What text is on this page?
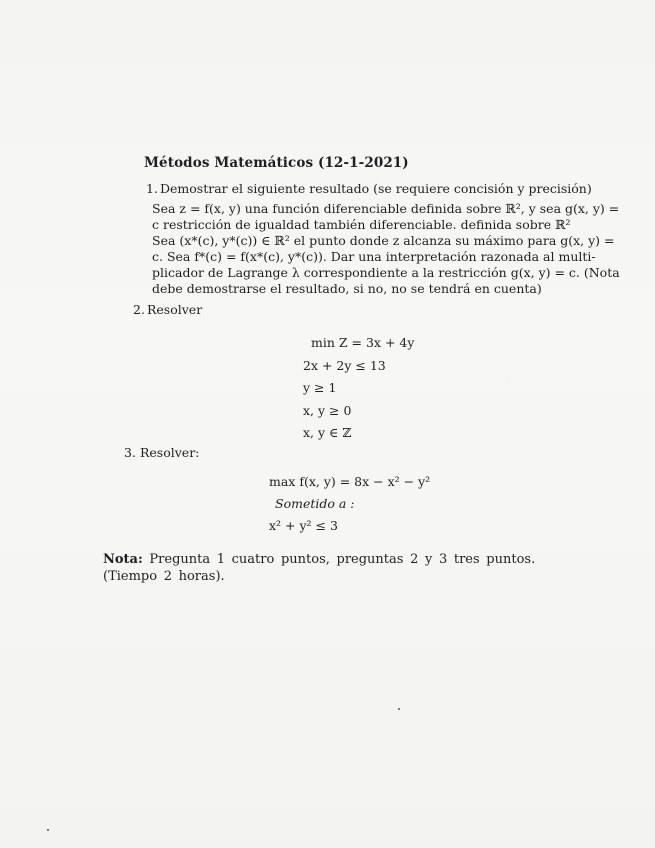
Métodos Matemáticos (12-1-2021)
1. Demostrar el siguiente resultado (se requiere concisión y precisión)
Sea z = f(x, y) una función diferenciable definida sobre ℝ², y sea g(x, y) =
c restricción de igualdad también diferenciable. definida sobre ℝ²
Sea (x*(c), y*(c)) ∈ ℝ² el punto donde z alcanza su máximo para g(x, y) =
c. Sea f*(c) = f(x*(c), y*(c)). Dar una interpretación razonada al multi-
plicador de Lagrange λ correspondiente a la restricción g(x, y) = c. (Nota
debe demostrarse el resultado, si no, no se tendrá en cuenta)
2. Resolver
min Z = 3x + 4y
2x + 2y ≤ 13
y ≥ 1
x, y ≥ 0
x, y ∈ ℤ
3. Resolver:
max f(x, y) = 8x − x² − y²
Sometido a :
x² + y² ≤ 3
Nota: Pregunta 1 cuatro puntos, preguntas 2 y 3 tres puntos. (Tiempo 2 horas).
